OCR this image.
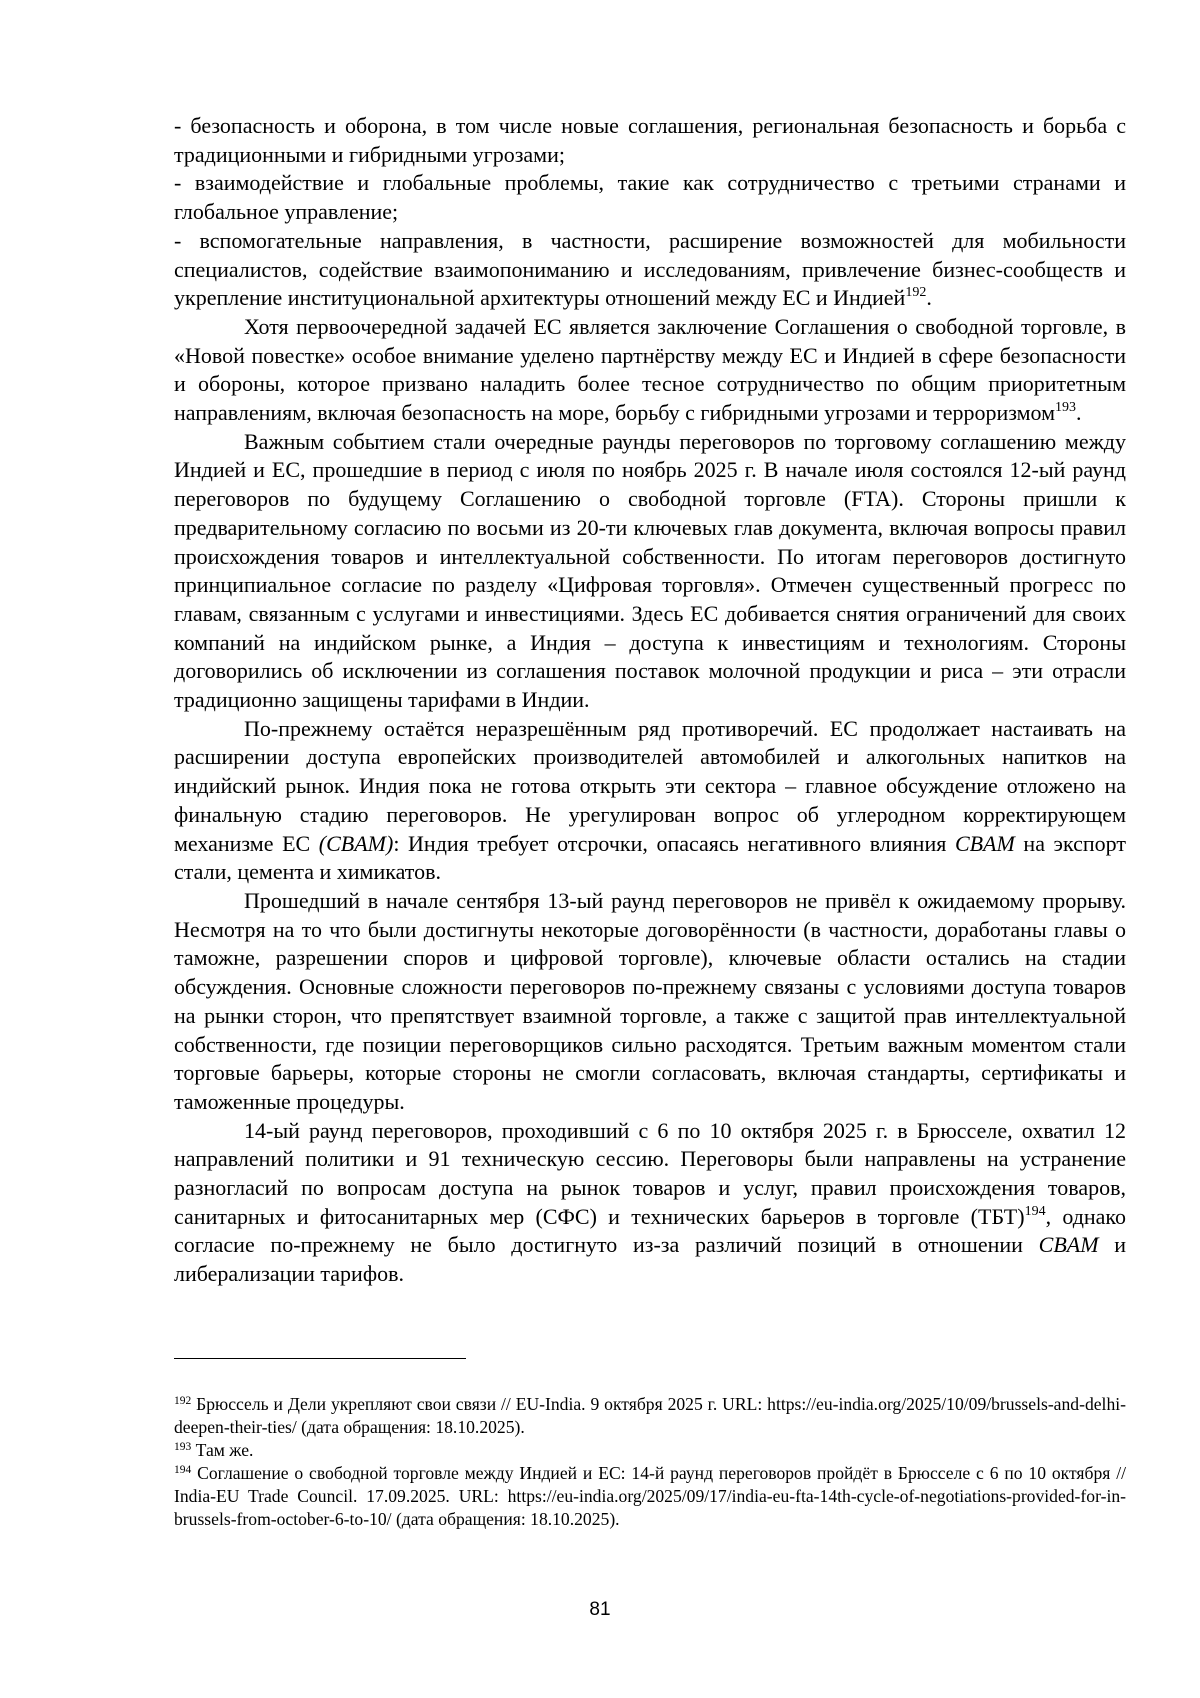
- безопасность и оборона, в том числе новые соглашения, региональная безопасность и борьба с традиционными и гибридными угрозами;

- взаимодействие и глобальные проблемы, такие как сотрудничество с третьими странами и глобальное управление;

- вспомогательные направления, в частности, расширение возможностей для мобильности специалистов, содействие взаимопониманию и исследованиям, привлечение бизнес-сообществ и укрепление институциональной архитектуры отношений между ЕС и Индией$^{192}$.

Хотя первоочередной задачей ЕС является заключение Соглашения о свободной торговле, в «Новой повестке» особое внимание уделено партнёрству между ЕС и Индией в сфере безопасности и обороны, которое призвано наладить более тесное сотрудничество по общим приоритетным направлениям, включая безопасность на море, борьбу с гибридными угрозами и терроризмом$^{193}$.

Важным событием стали очередные раунды переговоров по торговому соглашению между Индией и ЕС, прошедшие в период с июля по ноябрь 2025 г. В начале июля состоялся 12-ый раунд переговоров по будущему Соглашению о свободной торговле (FTA). Стороны пришли к предварительному согласию по восьми из 20-ти ключевых глав документа, включая вопросы правил происхождения товаров и интеллектуальной собственности. По итогам переговоров достигнуто принципиальное согласие по разделу «Цифровая торговля». Отмечен существенный прогресс по главам, связанным с услугами и инвестициями. Здесь ЕС добивается снятия ограничений для своих компаний на индийском рынке, а Индия – доступа к инвестициям и технологиям. Стороны договорились об исключении из соглашения поставок молочной продукции и риса – эти отрасли традиционно защищены тарифами в Индии.

По-прежнему остаётся неразрешённым ряд противоречий. ЕС продолжает настаивать на расширении доступа европейских производителей автомобилей и алкогольных напитков на индийский рынок. Индия пока не готова открыть эти сектора – главное обсуждение отложено на финальную стадию переговоров. Не урегулирован вопрос об углеродном корректирующем механизме ЕС (CBAM): Индия требует отсрочки, опасаясь негативного влияния CBAM на экспорт стали, цемента и химикатов.

Прошедший в начале сентября 13-ый раунд переговоров не привёл к ожидаемому прорыву. Несмотря на то что были достигнуты некоторые договорённости (в частности, доработаны главы о таможне, разрешении споров и цифровой торговле), ключевые области остались на стадии обсуждения. Основные сложности переговоров по-прежнему связаны с условиями доступа товаров на рынки сторон, что препятствует взаимной торговле, а также с защитой прав интеллектуальной собственности, где позиции переговорщиков сильно расходятся. Третьим важным моментом стали торговые барьеры, которые стороны не смогли согласовать, включая стандарты, сертификаты и таможенные процедуры.

14-ый раунд переговоров, проходивший с 6 по 10 октября 2025 г. в Брюсселе, охватил 12 направлений политики и 91 техническую сессию. Переговоры были направлены на устранение разногласий по вопросам доступа на рынок товаров и услуг, правил происхождения товаров, санитарных и фитосанитарных мер (СФС) и технических барьеров в торговле (ТБТ)$^{194}$, однако согласие по-прежнему не было достигнуто из-за различий позиций в отношении CBAM и либерализации тарифов.

$^{192}$ Брюссель и Дели укрепляют свои связи // EU-India. 9 октября 2025 г. URL: https://eu-india.org/2025/10/09/brussels-and-delhi-deepen-their-ties/ (дата обращения: 18.10.2025).

$^{193}$ Там же.

$^{194}$ Соглашение о свободной торговле между Индией и ЕС: 14-й раунд переговоров пройдёт в Брюсселе с 6 по 10 октября // India-EU Trade Council. 17.09.2025. URL: https://eu-india.org/2025/09/17/india-eu-fta-14th-cycle-of-negotiations-provided-for-in-brussels-from-october-6-to-10/ (дата обращения: 18.10.2025).

81
